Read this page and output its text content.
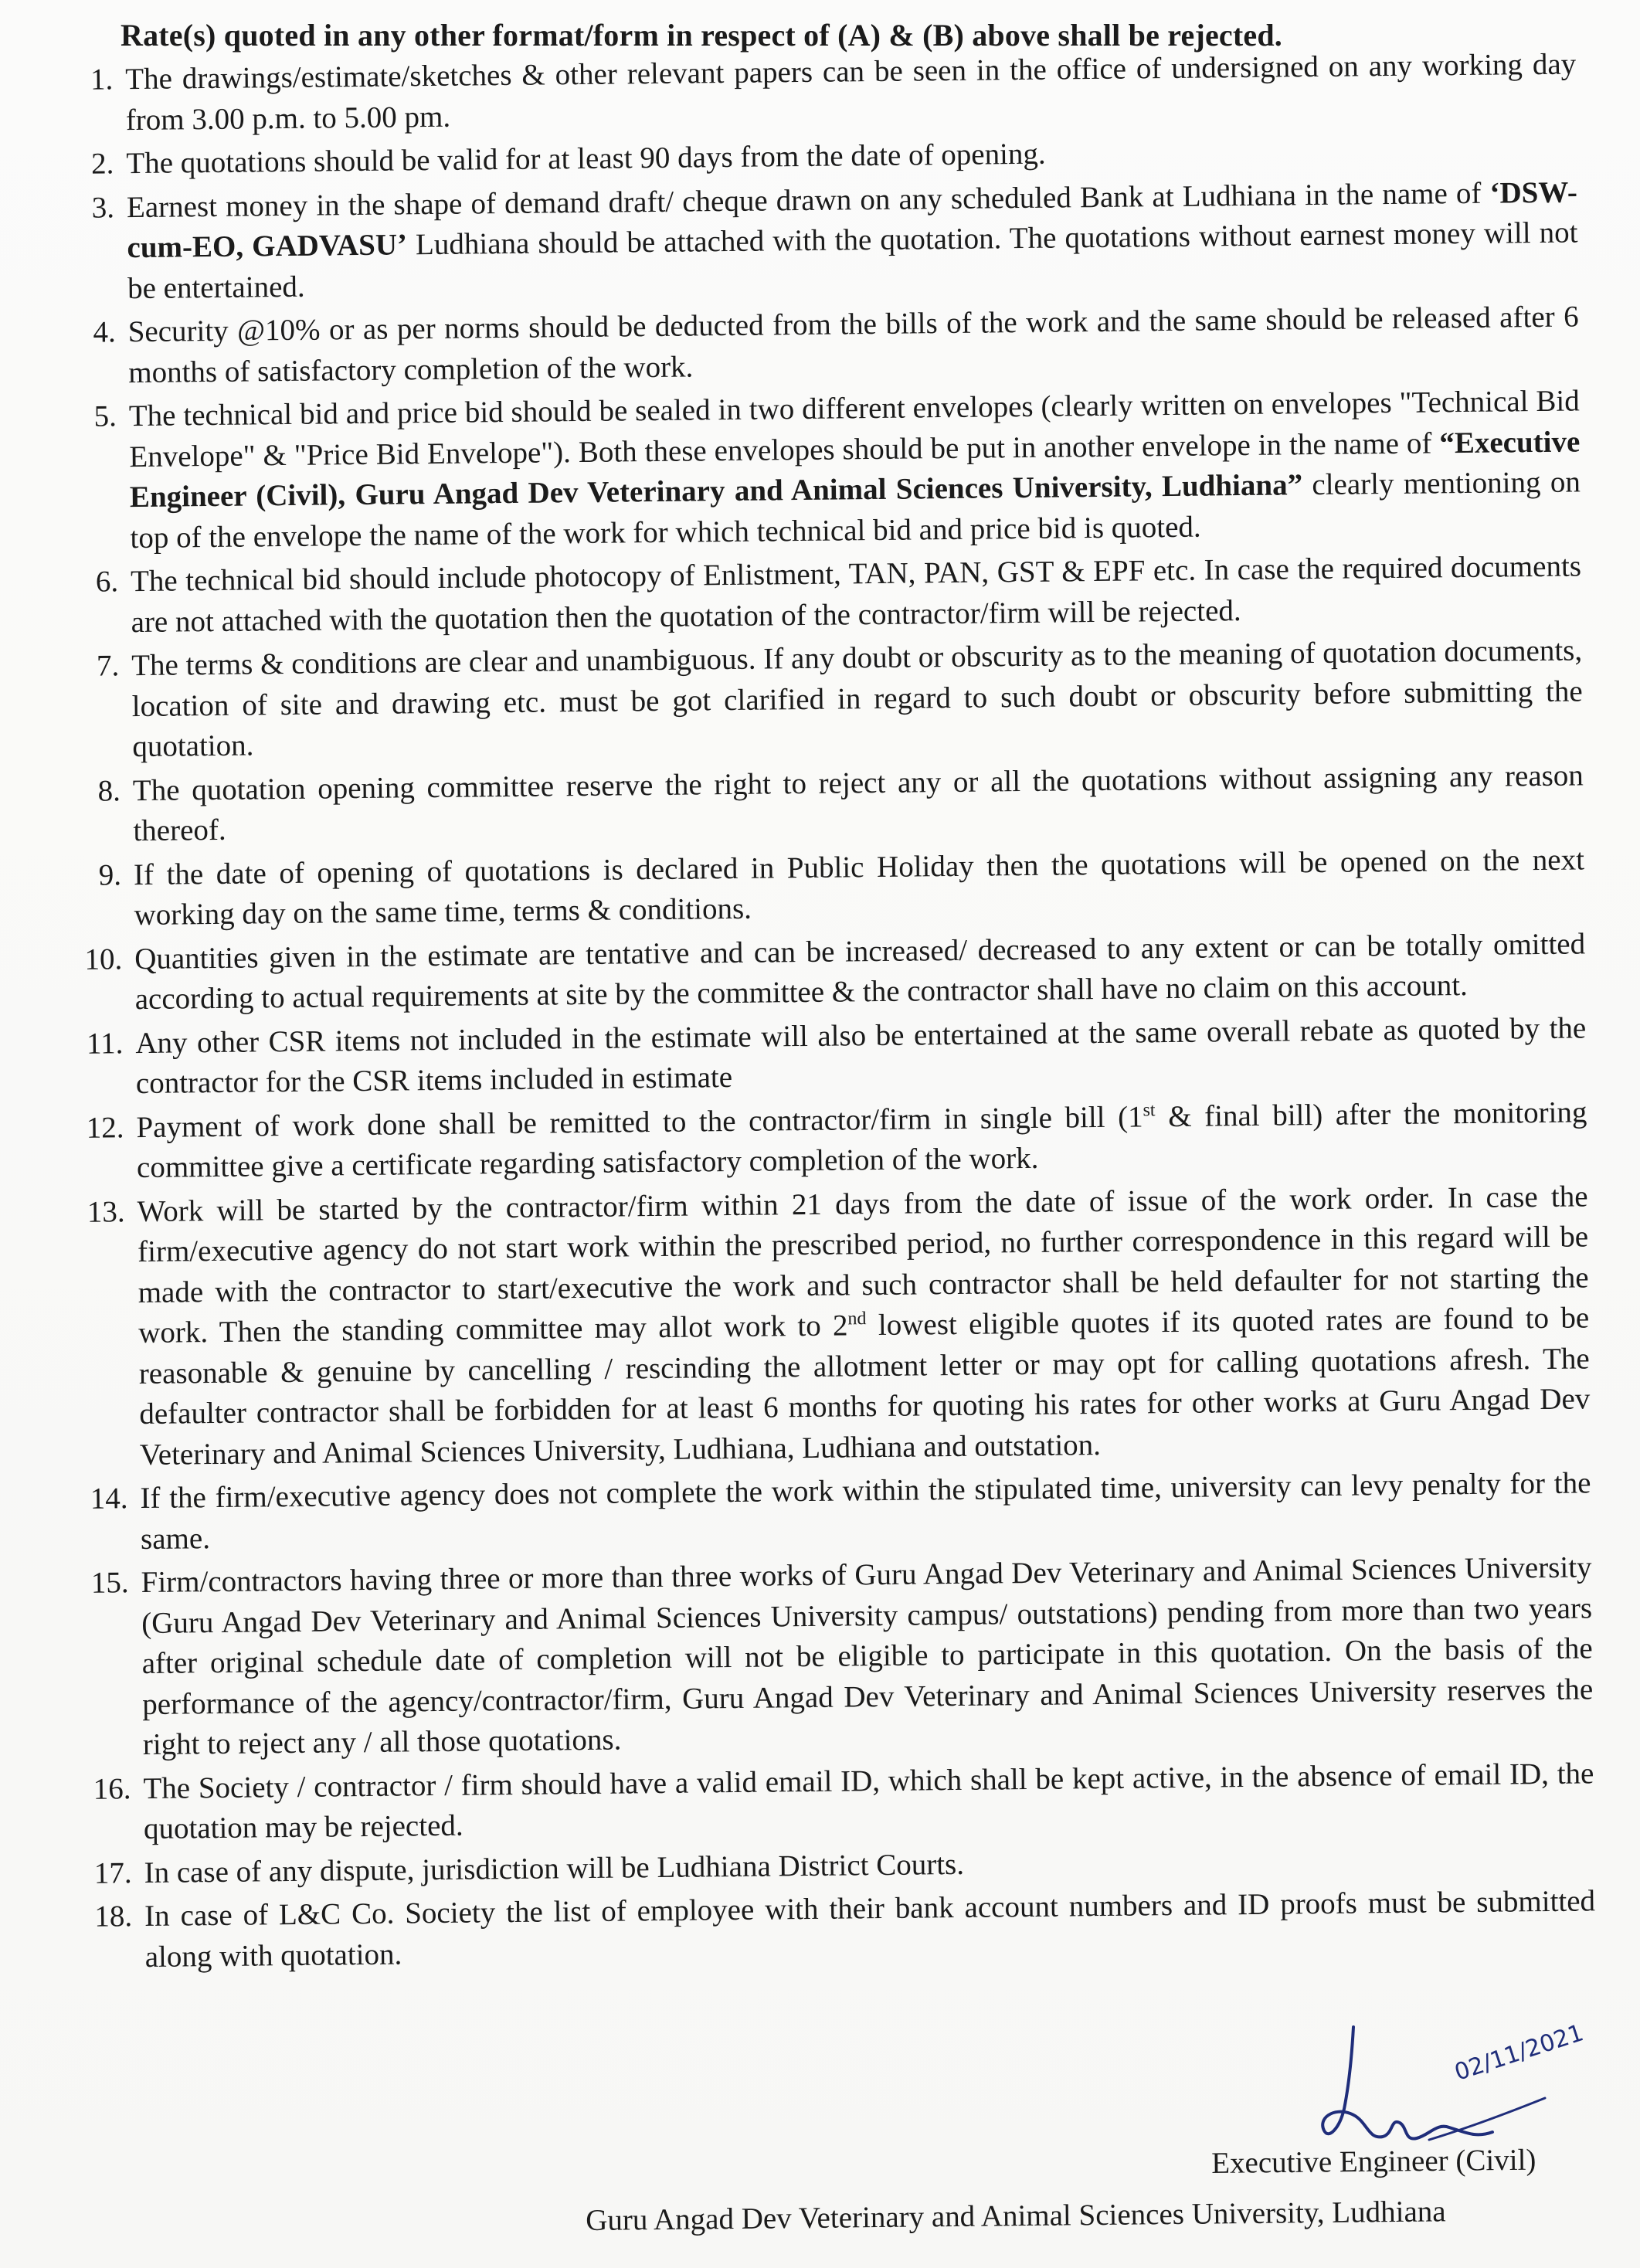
Rate(s) quoted in any other format/form in respect of (A) & (B) above shall be rejected.
1. The drawings/estimate/sketches & other relevant papers can be seen in the office of undersigned on any working day from 3.00 p.m. to 5.00 pm.
2. The quotations should be valid for at least 90 days from the date of opening.
3. Earnest money in the shape of demand draft/ cheque drawn on any scheduled Bank at Ludhiana in the name of ‘DSW-cum-EO, GADVASU’ Ludhiana should be attached with the quotation. The quotations without earnest money will not be entertained.
4. Security @10% or as per norms should be deducted from the bills of the work and the same should be released after 6 months of satisfactory completion of the work.
5. The technical bid and price bid should be sealed in two different envelopes (clearly written on envelopes "Technical Bid Envelope" & "Price Bid Envelope"). Both these envelopes should be put in another envelope in the name of “Executive Engineer (Civil), Guru Angad Dev Veterinary and Animal Sciences University, Ludhiana” clearly mentioning on top of the envelope the name of the work for which technical bid and price bid is quoted.
6. The technical bid should include photocopy of Enlistment, TAN, PAN, GST & EPF etc. In case the required documents are not attached with the quotation then the quotation of the contractor/firm will be rejected.
7. The terms & conditions are clear and unambiguous. If any doubt or obscurity as to the meaning of quotation documents, location of site and drawing etc. must be got clarified in regard to such doubt or obscurity before submitting the quotation.
8. The quotation opening committee reserve the right to reject any or all the quotations without assigning any reason thereof.
9. If the date of opening of quotations is declared in Public Holiday then the quotations will be opened on the next working day on the same time, terms & conditions.
10. Quantities given in the estimate are tentative and can be increased/ decreased to any extent or can be totally omitted according to actual requirements at site by the committee & the contractor shall have no claim on this account.
11. Any other CSR items not included in the estimate will also be entertained at the same overall rebate as quoted by the contractor for the CSR items included in estimate
12. Payment of work done shall be remitted to the contractor/firm in single bill (1st & final bill) after the monitoring committee give a certificate regarding satisfactory completion of the work.
13. Work will be started by the contractor/firm within 21 days from the date of issue of the work order. In case the firm/executive agency do not start work within the prescribed period, no further correspondence in this regard will be made with the contractor to start/executive the work and such contractor shall be held defaulter for not starting the work. Then the standing committee may allot work to 2nd lowest eligible quotes if its quoted rates are found to be reasonable & genuine by cancelling / rescinding the allotment letter or may opt for calling quotations afresh. The defaulter contractor shall be forbidden for at least 6 months for quoting his rates for other works at Guru Angad Dev Veterinary and Animal Sciences University, Ludhiana, Ludhiana and outstation.
14. If the firm/executive agency does not complete the work within the stipulated time, university can levy penalty for the same.
15. Firm/contractors having three or more than three works of Guru Angad Dev Veterinary and Animal Sciences University (Guru Angad Dev Veterinary and Animal Sciences University campus/ outstations) pending from more than two years after original schedule date of completion will not be eligible to participate in this quotation. On the basis of the performance of the agency/contractor/firm, Guru Angad Dev Veterinary and Animal Sciences University reserves the right to reject any / all those quotations.
16. The Society / contractor / firm should have a valid email ID, which shall be kept active, in the absence of email ID, the quotation may be rejected.
17. In case of any dispute, jurisdiction will be Ludhiana District Courts.
18. In case of L&C Co. Society the list of employee with their bank account numbers and ID proofs must be submitted along with quotation.
02/11/2021
Executive Engineer (Civil)
Guru Angad Dev Veterinary and Animal Sciences University, Ludhiana
